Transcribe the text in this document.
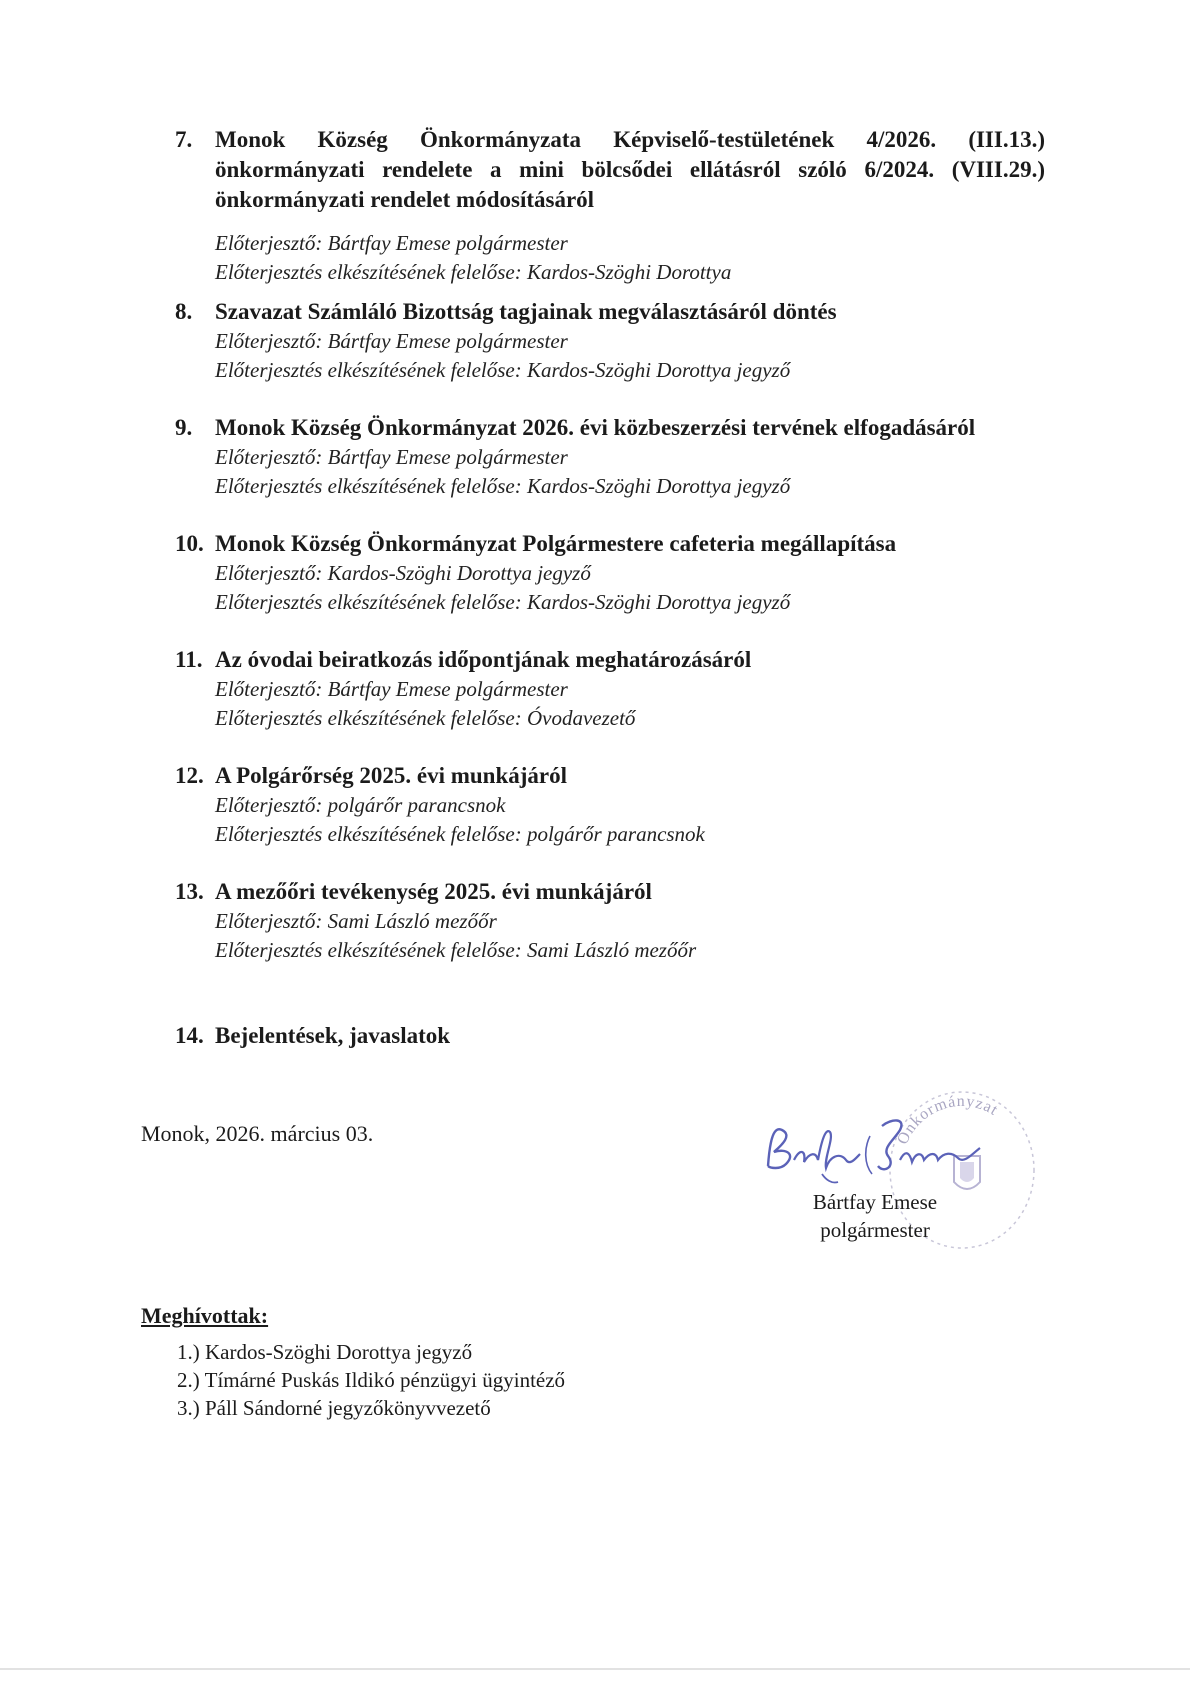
7. Monok Község Önkormányzata Képviselő-testületének 4/2026. (III.13.) önkormányzati rendelete a mini bölcsődei ellátásról szóló 6/2024. (VIII.29.) önkormányzati rendelet módosításáról
Előterjesztő: Bártfay Emese polgármester
Előterjesztés elkészítésének felelőse: Kardos-Szöghi Dorottya
8. Szavazat Számláló Bizottság tagjainak megválasztásáról döntés
Előterjesztő: Bártfay Emese polgármester
Előterjesztés elkészítésének felelőse: Kardos-Szöghi Dorottya jegyző
9. Monok Község Önkormányzat 2026. évi közbeszerzési tervének elfogadásáról
Előterjesztő: Bártfay Emese polgármester
Előterjesztés elkészítésének felelőse: Kardos-Szöghi Dorottya jegyző
10. Monok Község Önkormányzat Polgármestere cafeteria megállapítása
Előterjesztő: Kardos-Szöghi Dorottya jegyző
Előterjesztés elkészítésének felelőse: Kardos-Szöghi Dorottya jegyző
11. Az óvodai beiratkozás időpontjának meghatározásáról
Előterjesztő: Bártfay Emese polgármester
Előterjesztés elkészítésének felelőse: Óvodavezető
12. A Polgárőrség 2025. évi munkájáról
Előterjesztő: polgárőr parancsnok
Előterjesztés elkészítésének felelőse: polgárőr parancsnok
13. A mezőőri tevékenység 2025. évi munkájáról
Előterjesztő: Sami László mezőőr
Előterjesztés elkészítésének felelőse: Sami László mezőőr
14. Bejelentések, javaslatok
Monok, 2026. március 03.	Önkormányzat
Bártfay Emese
polgármester
Meghívottak:
1.) Kardos-Szöghi Dorottya jegyző
2.) Tímárné Puskás Ildikó pénzügyi ügyintéző
3.) Páll Sándorné jegyzőkönyvvezető
